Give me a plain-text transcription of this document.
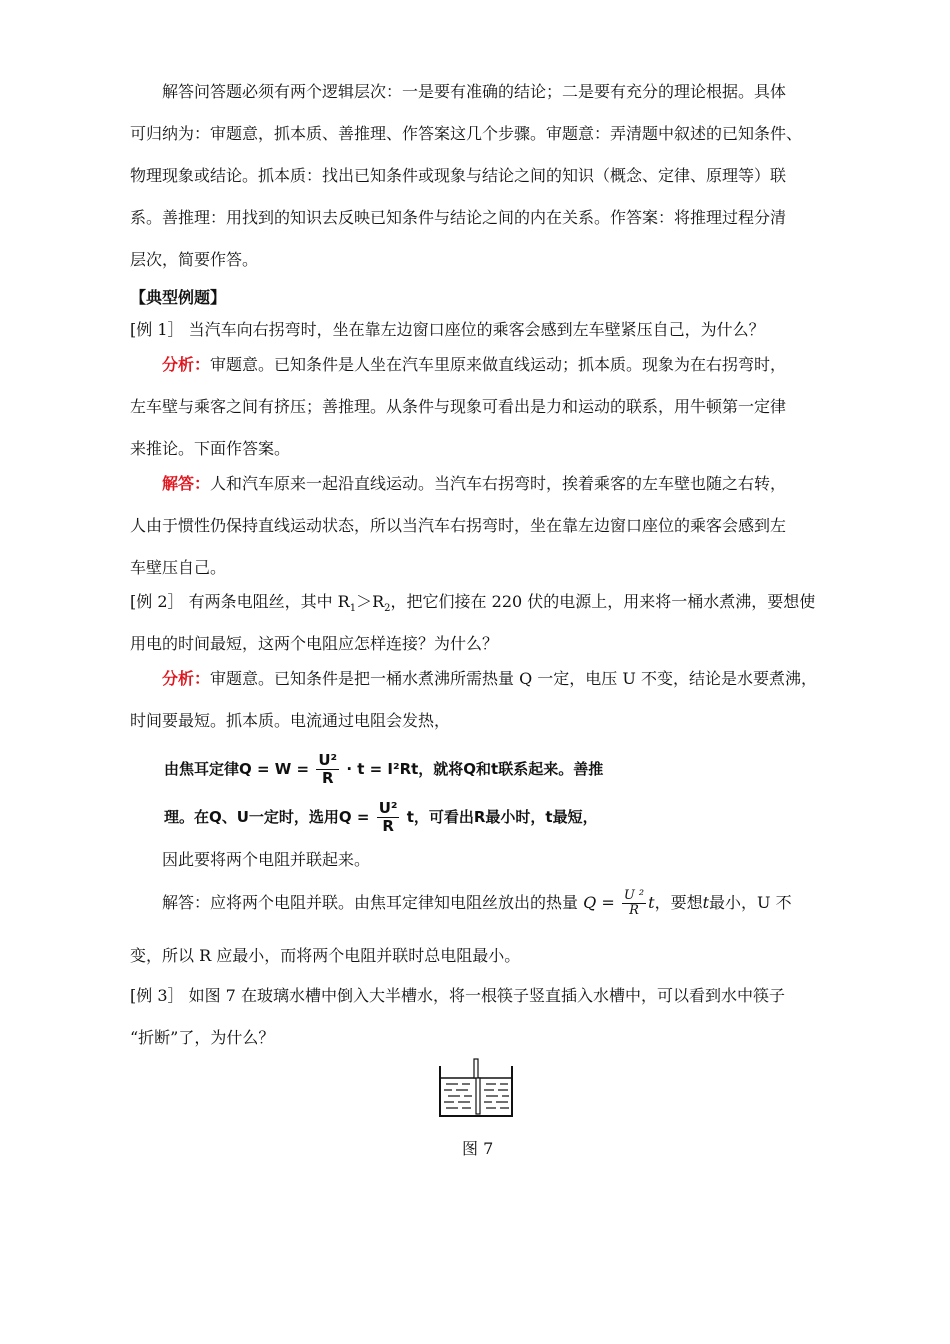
解答问答题必须有两个逻辑层次：一是要有准确的结论；二是要有充分的理论根据。具体
可归纳为：审题意，抓本质、善推理、作答案这几个步骤。审题意：弄清题中叙述的已知条件、
物理现象或结论。抓本质：找出已知条件或现象与结论之间的知识（概念、定律、原理等）联
系。善推理：用找到的知识去反映已知条件与结论之间的内在关系。作答案：将推理过程分清
层次，简要作答。
【典型例题】
[例 1］ 当汽车向右拐弯时，坐在靠左边窗口座位的乘客会感到左车壁紧压自己，为什么？
分析：审题意。已知条件是人坐在汽车里原来做直线运动；抓本质。现象为在右拐弯时，
左车壁与乘客之间有挤压；善推理。从条件与现象可看出是力和运动的联系，用牛顿第一定律
来推论。下面作答案。
解答：人和汽车原来一起沿直线运动。当汽车右拐弯时，挨着乘客的左车壁也随之右转，
人由于惯性仍保持直线运动状态，所以当汽车右拐弯时，坐在靠左边窗口座位的乘客会感到左
车壁压自己。
[例 2］ 有两条电阻丝，其中 $R_1>R_2$，把它们接在 220 伏的电源上，用来将一桶水煮沸，要想使
用电的时间最短，这两个电阻应怎样连接？为什么？
分析：审题意。已知条件是把一桶水煮沸所需热量 Q 一定，电压 U 不变，结论是水要煮沸，
时间要最短。抓本质。电流通过电阻会发热，
由焦耳定律$Q = W = \frac{\text{U²}}{R} \cdot t = I^2Rt$，就将Q和t联系起来。善推
理。在Q、U一定时，选用$Q = \frac{\text{U²}}{R}$ t，可看出R最小时，t最短，
因此要将两个电阻并联起来。
解答：应将两个电阻并联。由焦耳定律知电阻丝放出的热量 $Q = \frac{\text{U ²}}{R}$ t，要想t最小，U 不
变，所以 R 应最小，而将两个电阻并联时总电阻最小。
[例 3］ 如图 7 在玻璃水槽中倒入大半槽水，将一根筷子竖直插入水槽中，可以看到水中筷子
“折断”了，为什么？
图 7
